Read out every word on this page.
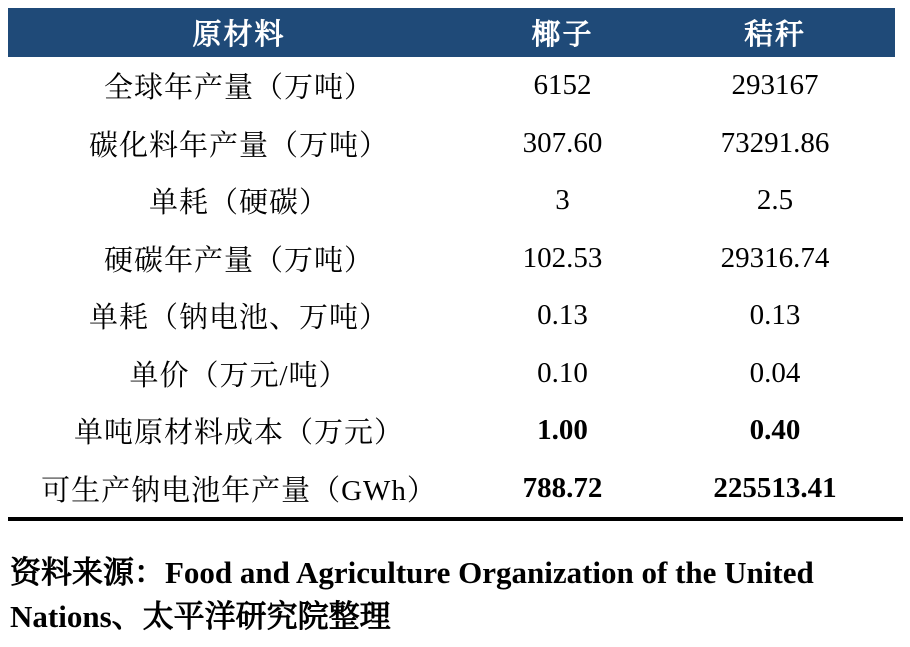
原材料	椰子	秸秆
全球年产量（万吨）	6152	293167
碳化料年产量（万吨）	307.60	73291.86
单耗（硬碳）	3	2.5
硬碳年产量（万吨）	102.53	29316.74
单耗（钠电池、万吨）	0.13	0.13
单价（万元/吨）	0.10	0.04
单吨原材料成本（万元）	1.00	0.40
可生产钠电池年产量（GWh）	788.72	225513.41
资料来源：Food and Agriculture Organization of the United
Nations、太平洋研究院整理
